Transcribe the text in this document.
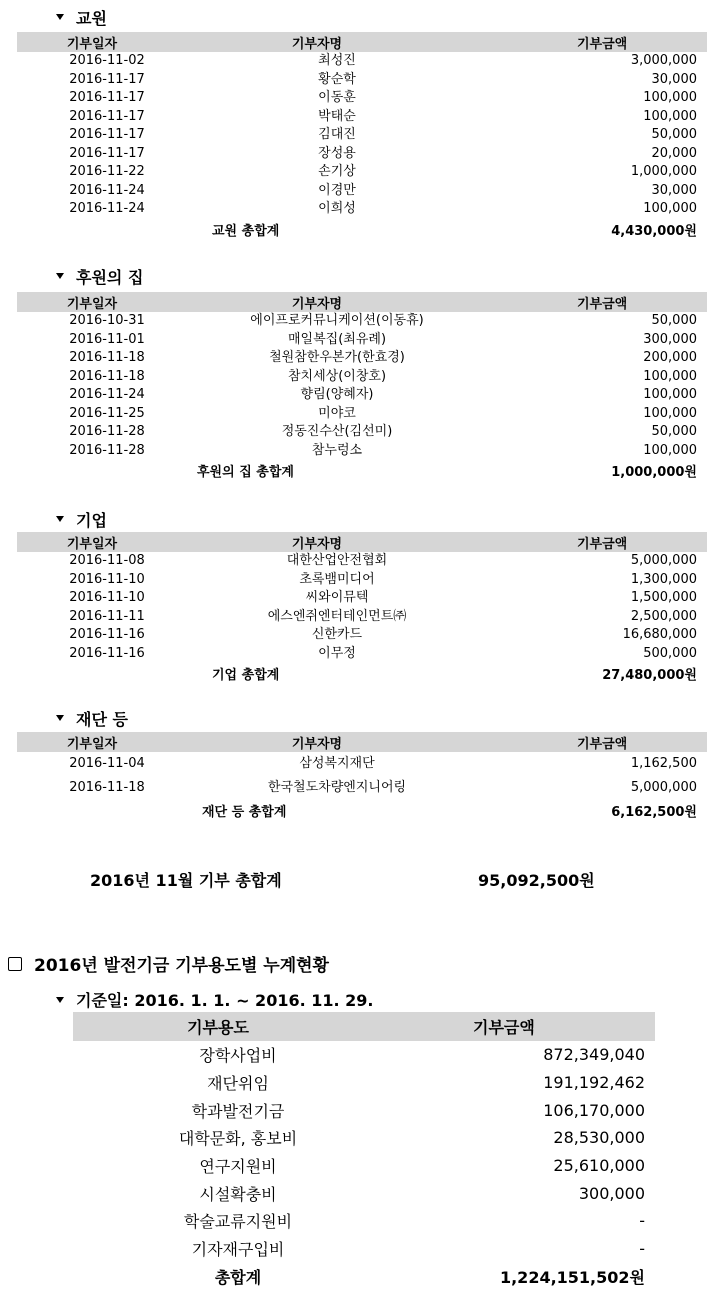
교원
기부일자	기부자명	기부금액
2016-11-02	최성진	3,000,000
2016-11-17	황순학	30,000
2016-11-17	이동훈	100,000
2016-11-17	박태순	100,000
2016-11-17	김대진	50,000
2016-11-17	장성용	20,000
2016-11-22	손기상	1,000,000
2016-11-24	이경만	30,000
2016-11-24	이희성	100,000
교원 총합계		4,430,000원
후원의 집
기부일자	기부자명	기부금액
2016-10-31	에이프로커뮤니케이션(이동휴)	50,000
2016-11-01	매일복집(최유례)	300,000
2016-11-18	철원참한우본가(한효경)	200,000
2016-11-18	참치세상(이창호)	100,000
2016-11-24	향림(양혜자)	100,000
2016-11-25	미야코	100,000
2016-11-28	정동진수산(김선미)	50,000
2016-11-28	참누렁소	100,000
후원의 집 총합계		1,000,000원
기업
기부일자	기부자명	기부금액
2016-11-08	대한산업안전협회	5,000,000
2016-11-10	초록뱀미디어	1,300,000
2016-11-10	씨와이뮤텍	1,500,000
2016-11-11	에스엔쥐엔터테인먼트㈜	2,500,000
2016-11-16	신한카드	16,680,000
2016-11-16	이무정	500,000
기업 총합계		27,480,000원
재단 등
기부일자	기부자명	기부금액
2016-11-04	삼성복지재단	1,162,500
2016-11-18	한국철도차량엔지니어링	5,000,000
재단 등 총합계		6,162,500원
2016년 11월 기부 총합계	95,092,500원
2016년 발전기금 기부용도별 누계현황
기준일: 2016. 1. 1. ~ 2016. 11. 29.
기부용도	기부금액
장학사업비	872,349,040
재단위임	191,192,462
학과발전기금	106,170,000
대학문화, 홍보비	28,530,000
연구지원비	25,610,000
시설확충비	300,000
학술교류지원비	-
기자재구입비	-
총합계	1,224,151,502원
